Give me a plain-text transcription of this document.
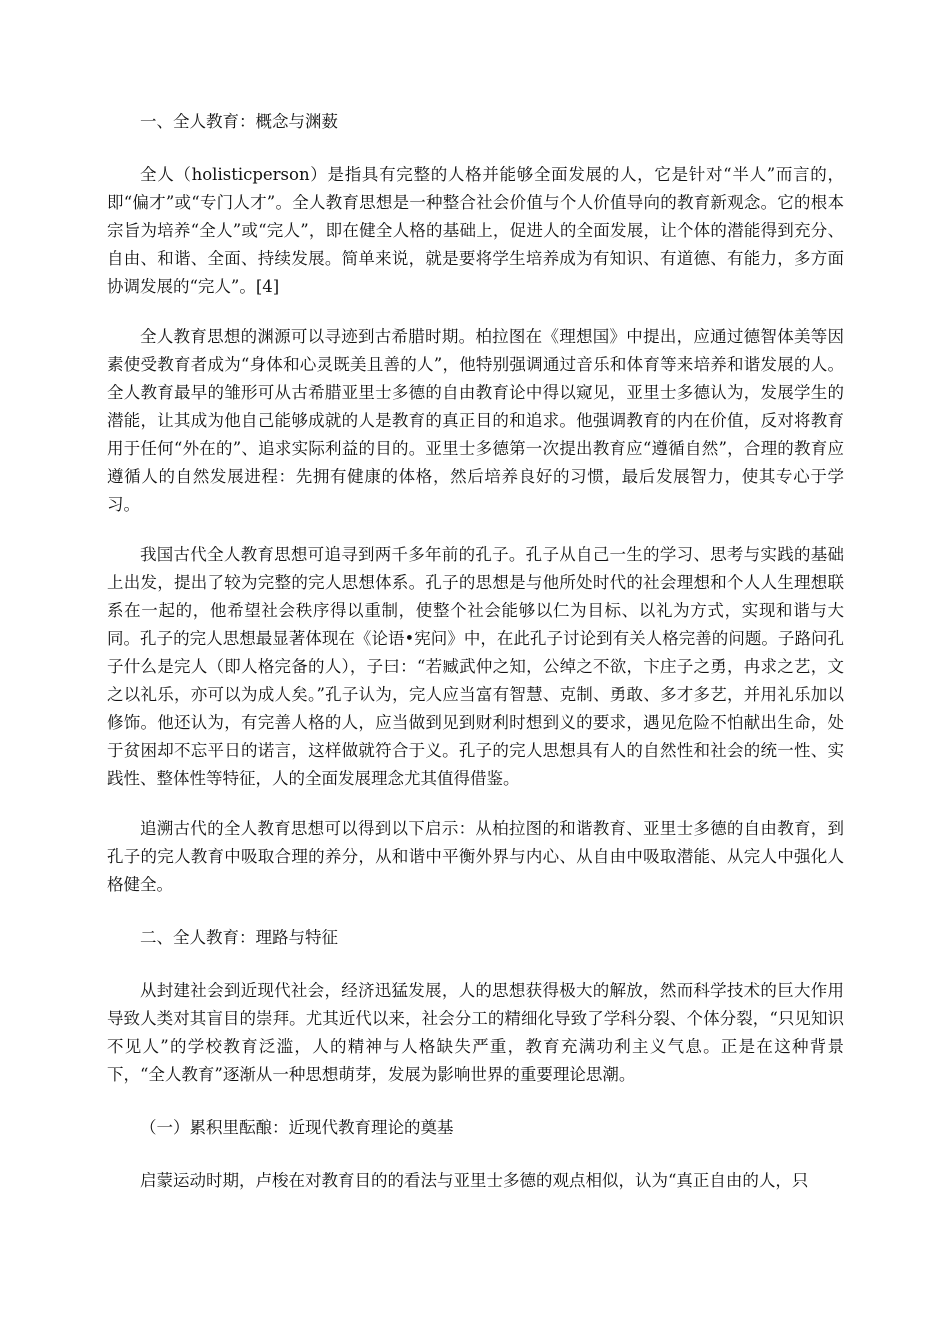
一、全人教育：概念与渊薮

全人（holisticperson）是指具有完整的人格并能够全面发展的人，它是针对“半人”而言的，即“偏才”或“专门人才”。全人教育思想是一种整合社会价值与个人价值导向的教育新观念。它的根本宗旨为培养“全人”或“完人”，即在健全人格的基础上，促进人的全面发展，让个体的潜能得到充分、自由、和谐、全面、持续发展。简单来说，就是要将学生培养成为有知识、有道德、有能力，多方面协调发展的“完人”。[4]

全人教育思想的渊源可以寻迹到古希腊时期。柏拉图在《理想国》中提出，应通过德智体美等因素使受教育者成为“身体和心灵既美且善的人”，他特别强调通过音乐和体育等来培养和谐发展的人。全人教育最早的雏形可从古希腊亚里士多德的自由教育论中得以窥见，亚里士多德认为，发展学生的潜能，让其成为他自己能够成就的人是教育的真正目的和追求。他强调教育的内在价值，反对将教育用于任何“外在的”、追求实际利益的目的。亚里士多德第一次提出教育应“遵循自然”，合理的教育应遵循人的自然发展进程：先拥有健康的体格，然后培养良好的习惯，最后发展智力，使其专心于学习。

我国古代全人教育思想可追寻到两千多年前的孔子。孔子从自己一生的学习、思考与实践的基础上出发，提出了较为完整的完人思想体系。孔子的思想是与他所处时代的社会理想和个人人生理想联系在一起的，他希望社会秩序得以重制，使整个社会能够以仁为目标、以礼为方式，实现和谐与大同。孔子的完人思想最显著体现在《论语•宪问》中，在此孔子讨论到有关人格完善的问题。子路问孔子什么是完人（即人格完备的人），子曰：“若臧武仲之知，公绰之不欲，卞庄子之勇，冉求之艺，文之以礼乐，亦可以为成人矣。”孔子认为，完人应当富有智慧、克制、勇敢、多才多艺，并用礼乐加以修饰。他还认为，有完善人格的人，应当做到见到财利时想到义的要求，遇见危险不怕献出生命，处于贫困却不忘平日的诺言，这样做就符合于义。孔子的完人思想具有人的自然性和社会的统一性、实践性、整体性等特征，人的全面发展理念尤其值得借鉴。

追溯古代的全人教育思想可以得到以下启示：从柏拉图的和谐教育、亚里士多德的自由教育，到孔子的完人教育中吸取合理的养分，从和谐中平衡外界与内心、从自由中吸取潜能、从完人中强化人格健全。

二、全人教育：理路与特征

从封建社会到近现代社会，经济迅猛发展，人的思想获得极大的解放，然而科学技术的巨大作用导致人类对其盲目的崇拜。尤其近代以来，社会分工的精细化导致了学科分裂、个体分裂，“只见知识不见人”的学校教育泛滥，人的精神与人格缺失严重，教育充满功利主义气息。正是在这种背景下，“全人教育”逐渐从一种思想萌芽，发展为影响世界的重要理论思潮。

（一）累积里酝酿：近现代教育理论的奠基

启蒙运动时期，卢梭在对教育目的的看法与亚里士多德的观点相似，认为“真正自由的人，只
